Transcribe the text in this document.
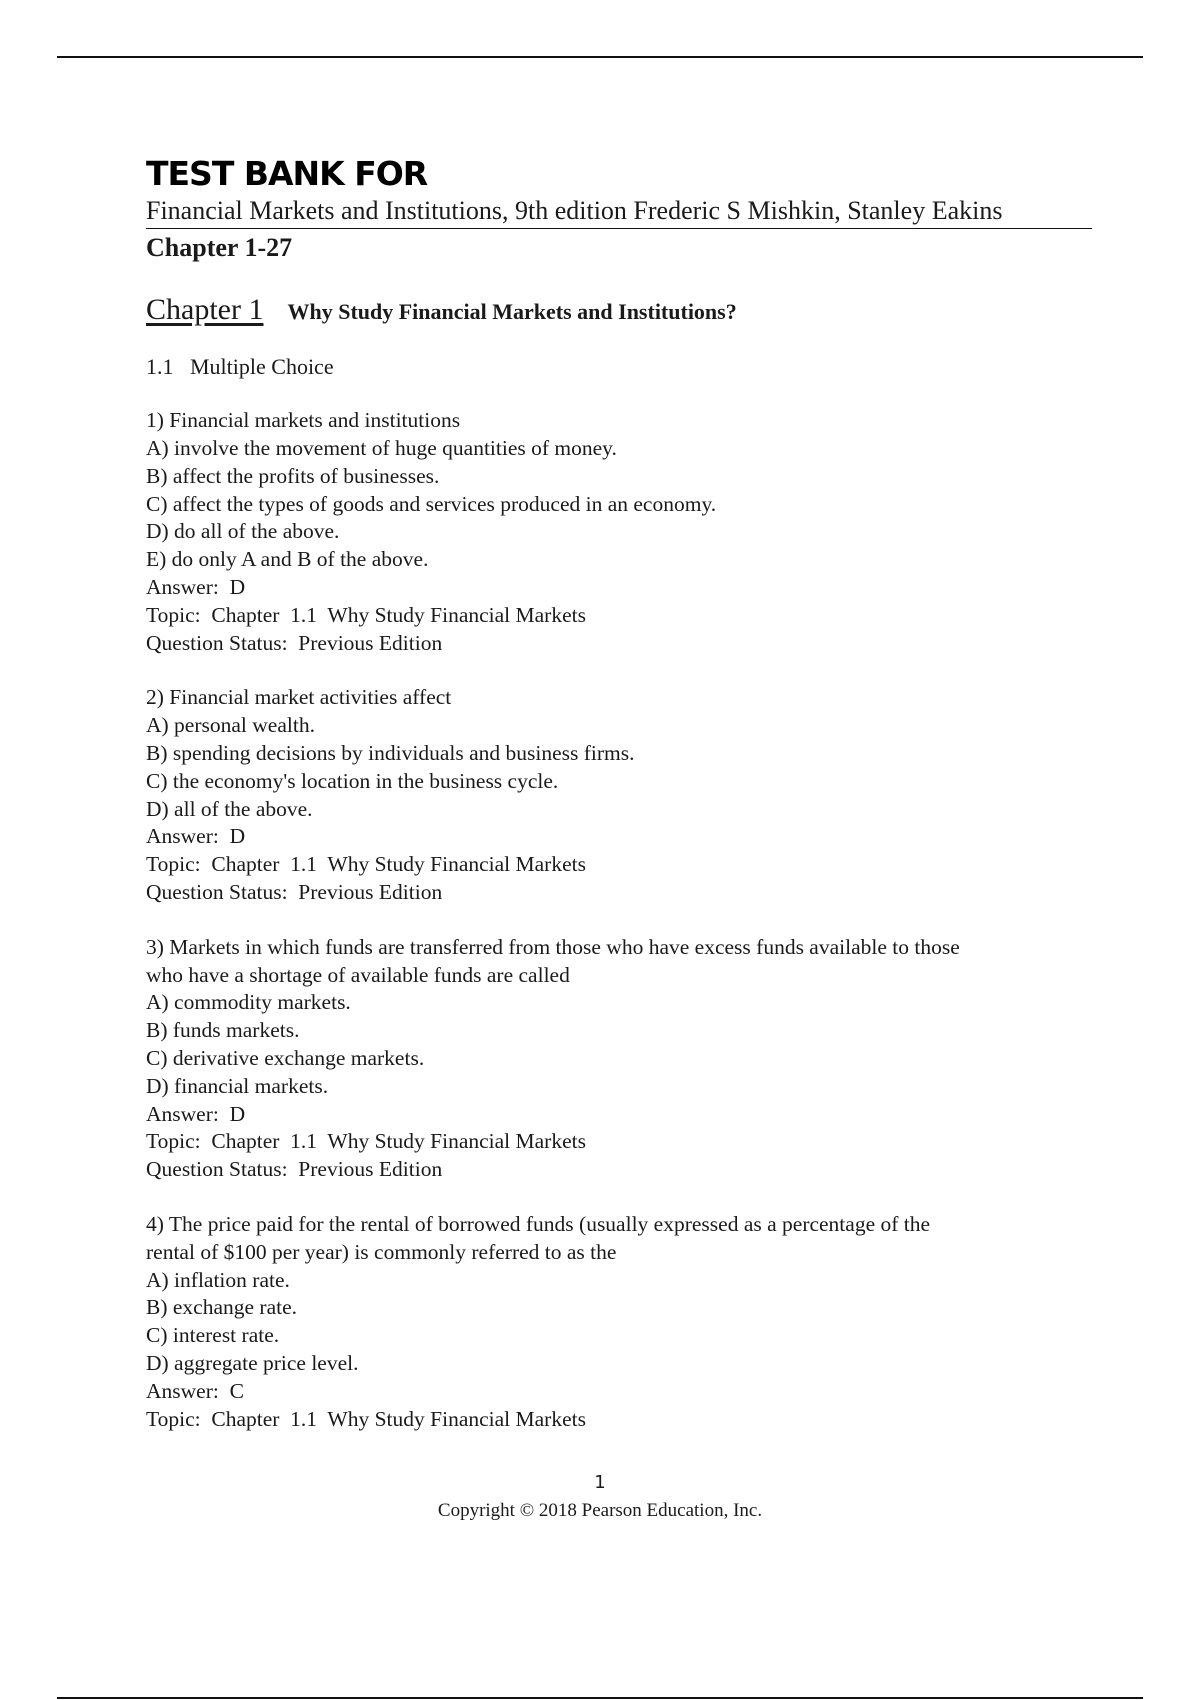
TEST BANK FOR
Financial Markets and Institutions, 9th edition Frederic S Mishkin, Stanley Eakins
Chapter 1-27
Chapter 1 Why Study Financial Markets and Institutions?
1.1   Multiple Choice
1) Financial markets and institutions
A) involve the movement of huge quantities of money.
B) affect the profits of businesses.
C) affect the types of goods and services produced in an economy.
D) do all of the above.
E) do only A and B of the above.
Answer:  D
Topic:  Chapter  1.1  Why Study Financial Markets
Question Status:  Previous Edition
2) Financial market activities affect
A) personal wealth.
B) spending decisions by individuals and business firms.
C) the economy's location in the business cycle.
D) all of the above.
Answer:  D
Topic:  Chapter  1.1  Why Study Financial Markets
Question Status:  Previous Edition
3) Markets in which funds are transferred from those who have excess funds available to those
who have a shortage of available funds are called
A) commodity markets.
B) funds markets.
C) derivative exchange markets.
D) financial markets.
Answer:  D
Topic:  Chapter  1.1  Why Study Financial Markets
Question Status:  Previous Edition
4) The price paid for the rental of borrowed funds (usually expressed as a percentage of the
rental of $100 per year) is commonly referred to as the
A) inflation rate.
B) exchange rate.
C) interest rate.
D) aggregate price level.
Answer:  C
Topic:  Chapter  1.1  Why Study Financial Markets
1
Copyright © 2018 Pearson Education, Inc.
